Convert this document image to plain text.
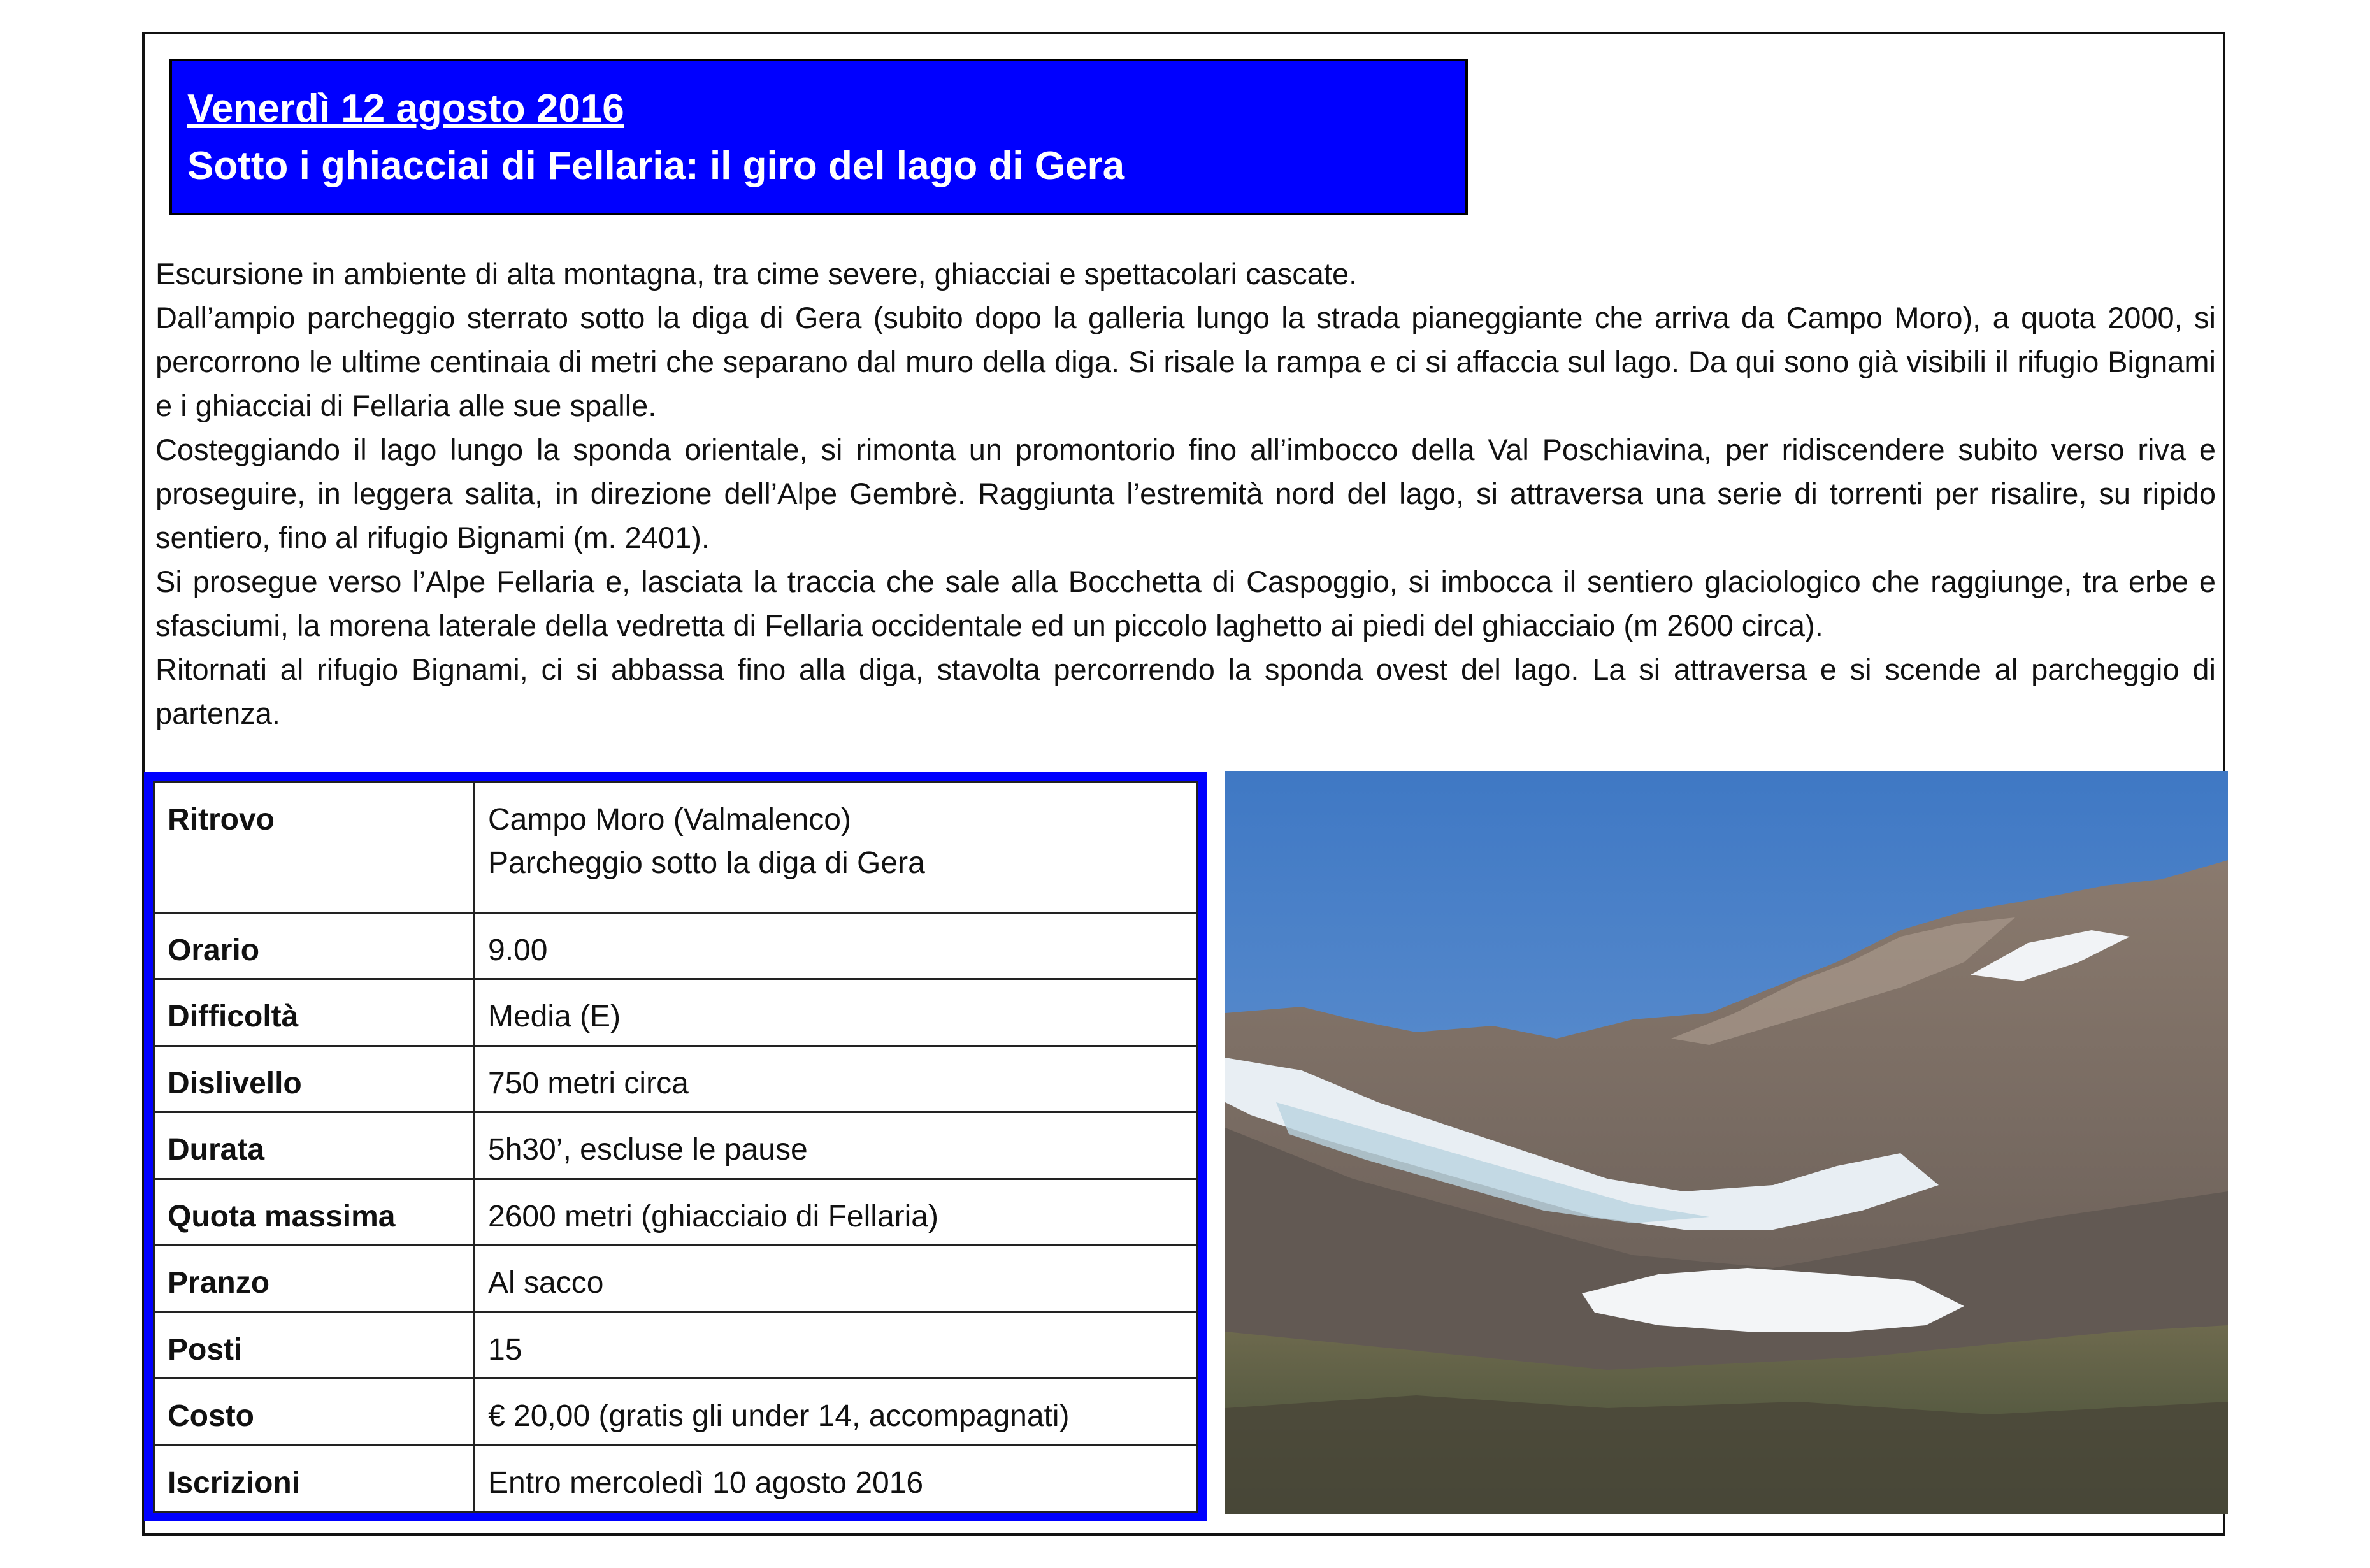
Venerdì 12 agosto 2016
Sotto i ghiacciai di Fellaria: il giro del lago di Gera

Escursione in ambiente di alta montagna, tra cime severe, ghiacciai e spettacolari cascate.

Dall’ampio parcheggio sterrato sotto la diga di Gera (subito dopo la galleria lungo la strada pianeggiante che arriva da Campo Moro), a quota 2000, si percorrono le ultime centinaia di metri che separano dal muro della diga. Si risale la rampa e ci si affaccia sul lago. Da qui sono già visibili il rifugio Bignami e i ghiacciai di Fellaria alle sue spalle.

Costeggiando il lago lungo la sponda orientale, si rimonta un promontorio fino all’imbocco della Val Poschiavina, per ridiscendere subito verso riva e proseguire, in leggera salita, in direzione dell’Alpe Gembrè. Raggiunta l’estremità nord del lago, si attraversa una serie di torrenti per risalire, su ripido sentiero, fino al rifugio Bignami (m. 2401).

Si prosegue verso l’Alpe Fellaria e, lasciata la traccia che sale alla Bocchetta di Caspoggio, si imbocca il sentiero glaciologico che raggiunge, tra erbe e sfasciumi, la morena laterale della vedretta di Fellaria occidentale ed un piccolo laghetto ai piedi del ghiacciaio (m 2600 circa).

Ritornati al rifugio Bignami, ci si abbassa fino alla diga, stavolta percorrendo la sponda ovest del lago. La si attraversa e si scende al parcheggio di partenza.

Ritrovo	Campo Moro (Valmalenco)
Parcheggio sotto la diga di Gera

Orario	9.00
Difficoltà	Media (E)
Dislivello	750 metri circa
Durata	5h30’, escluse le pause
Quota massima	2600 metri (ghiacciaio di Fellaria)
Pranzo	Al sacco
Posti	15
Costo	€ 20,00 (gratis gli under 14, accompagnati)
Iscrizioni	Entro mercoledì 10 agosto 2016
